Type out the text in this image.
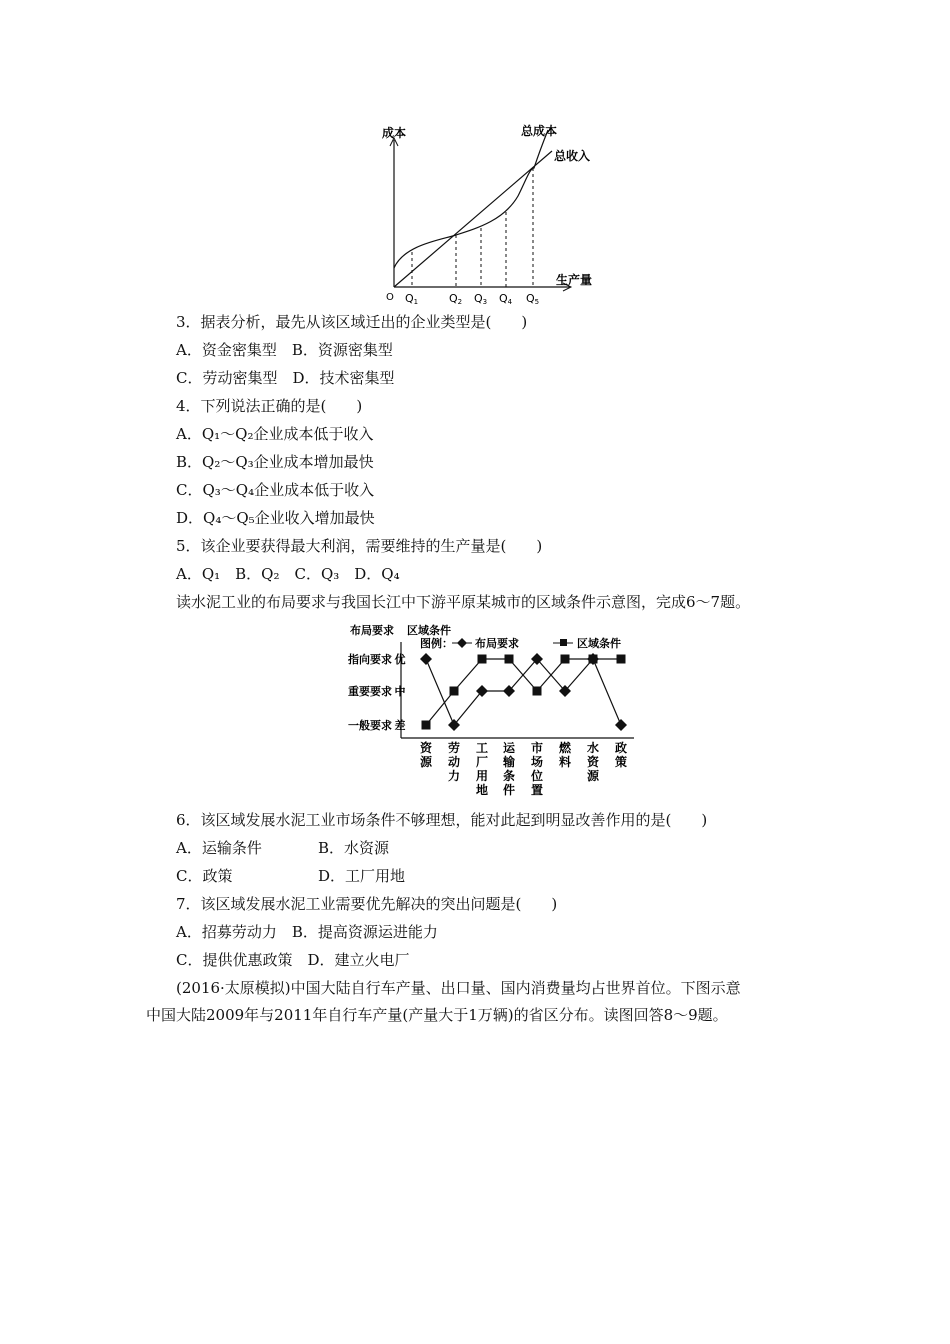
成本
生产量
总成本
总收入
Q1	Q2 Q3 Q4 Q5
O
3．据表分析，最先从该区域迁出的企业类型是(　　)
A．资金密集型　B．资源密集型
C．劳动密集型　D．技术密集型
4．下列说法正确的是(　　)
A．Q₁～Q₂企业成本低于收入
B．Q₂～Q₃企业成本增加最快
C．Q₃～Q₄企业成本低于收入
D．Q₄～Q₅企业收入增加最快
5．该企业要获得最大利润，需要维持的生产量是(　　)
A．Q₁　B．Q₂　C．Q₃　D．Q₄
读水泥工业的布局要求与我国长江中下游平原某城市的区域条件示意图，完成6～7题。
布局要求 区域条件
指向要求 优
重要要求 中
一般要求 差
图例： 布局要求	区域条件
资源
劳动力
工厂用地
运输条件
市场位置
燃料
水资源
政策
6．该区域发展水泥工业市场条件不够理想，能对此起到明显改善作用的是(　　)
A．运输条件	B．水资源
C．政策	D．工厂用地
7．该区域发展水泥工业需要优先解决的突出问题是(　　)
A．招募劳动力　B．提高资源运进能力
C．提供优惠政策　D．建立火电厂
(2016·太原模拟)中国大陆自行车产量、出口量、国内消费量均占世界首位。下图示意
中国大陆2009年与2011年自行车产量(产量大于1万辆)的省区分布。读图回答8～9题。
